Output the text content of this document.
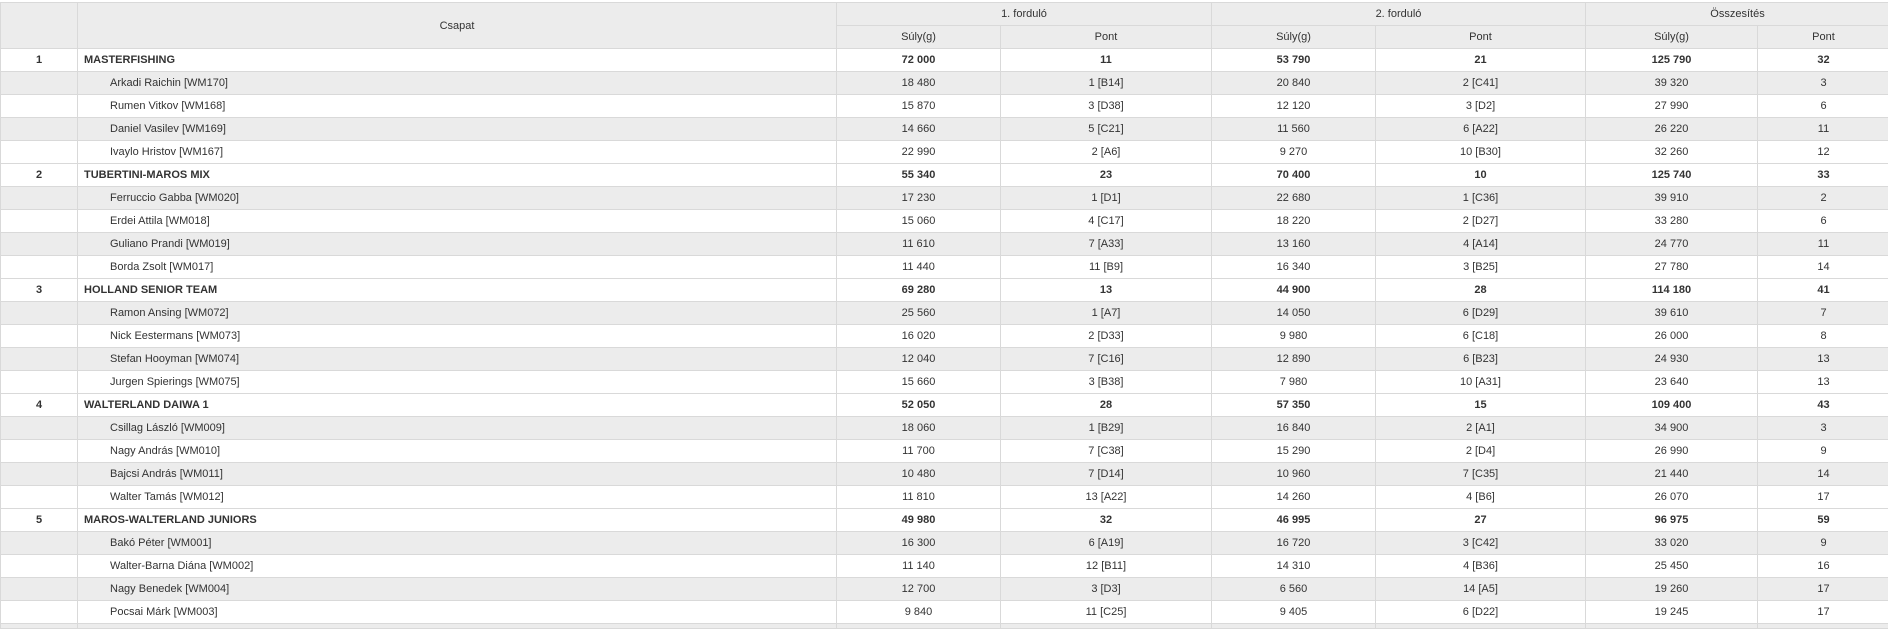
	Csapat	1. forduló		2. forduló		Összesítés	
		Súly(g)	Pont	Súly(g)	Pont	Súly(g)	Pont
1	MASTERFISHING	72 000	11	53 790	21	125 790	32
	Arkadi Raichin [WM170]	18 480	1 [B14]	20 840	2 [C41]	39 320	3
	Rumen Vitkov [WM168]	15 870	3 [D38]	12 120	3 [D2]	27 990	6
	Daniel Vasilev [WM169]	14 660	5 [C21]	11 560	6 [A22]	26 220	11
	Ivaylo Hristov [WM167]	22 990	2 [A6]	9 270	10 [B30]	32 260	12
2	TUBERTINI-MAROS MIX	55 340	23	70 400	10	125 740	33
	Ferruccio Gabba [WM020]	17 230	1 [D1]	22 680	1 [C36]	39 910	2
	Erdei Attila [WM018]	15 060	4 [C17]	18 220	2 [D27]	33 280	6
	Guliano Prandi [WM019]	11 610	7 [A33]	13 160	4 [A14]	24 770	11
	Borda Zsolt [WM017]	11 440	11 [B9]	16 340	3 [B25]	27 780	14
3	HOLLAND SENIOR TEAM	69 280	13	44 900	28	114 180	41
	Ramon Ansing [WM072]	25 560	1 [A7]	14 050	6 [D29]	39 610	7
	Nick Eestermans [WM073]	16 020	2 [D33]	9 980	6 [C18]	26 000	8
	Stefan Hooyman [WM074]	12 040	7 [C16]	12 890	6 [B23]	24 930	13
	Jurgen Spierings [WM075]	15 660	3 [B38]	7 980	10 [A31]	23 640	13
4	WALTERLAND DAIWA 1	52 050	28	57 350	15	109 400	43
	Csillag László [WM009]	18 060	1 [B29]	16 840	2 [A1]	34 900	3
	Nagy András [WM010]	11 700	7 [C38]	15 290	2 [D4]	26 990	9
	Bajcsi András [WM011]	10 480	7 [D14]	10 960	7 [C35]	21 440	14
	Walter Tamás [WM012]	11 810	13 [A22]	14 260	4 [B6]	26 070	17
5	MAROS-WALTERLAND JUNIORS	49 980	32	46 995	27	96 975	59
	Bakó Péter [WM001]	16 300	6 [A19]	16 720	3 [C42]	33 020	9
	Walter-Barna Diána [WM002]	11 140	12 [B11]	14 310	4 [B36]	25 450	16
	Nagy Benedek [WM004]	12 700	3 [D3]	6 560	14 [A5]	19 260	17
	Pocsai Márk [WM003]	9 840	11 [C25]	9 405	6 [D22]	19 245	17
